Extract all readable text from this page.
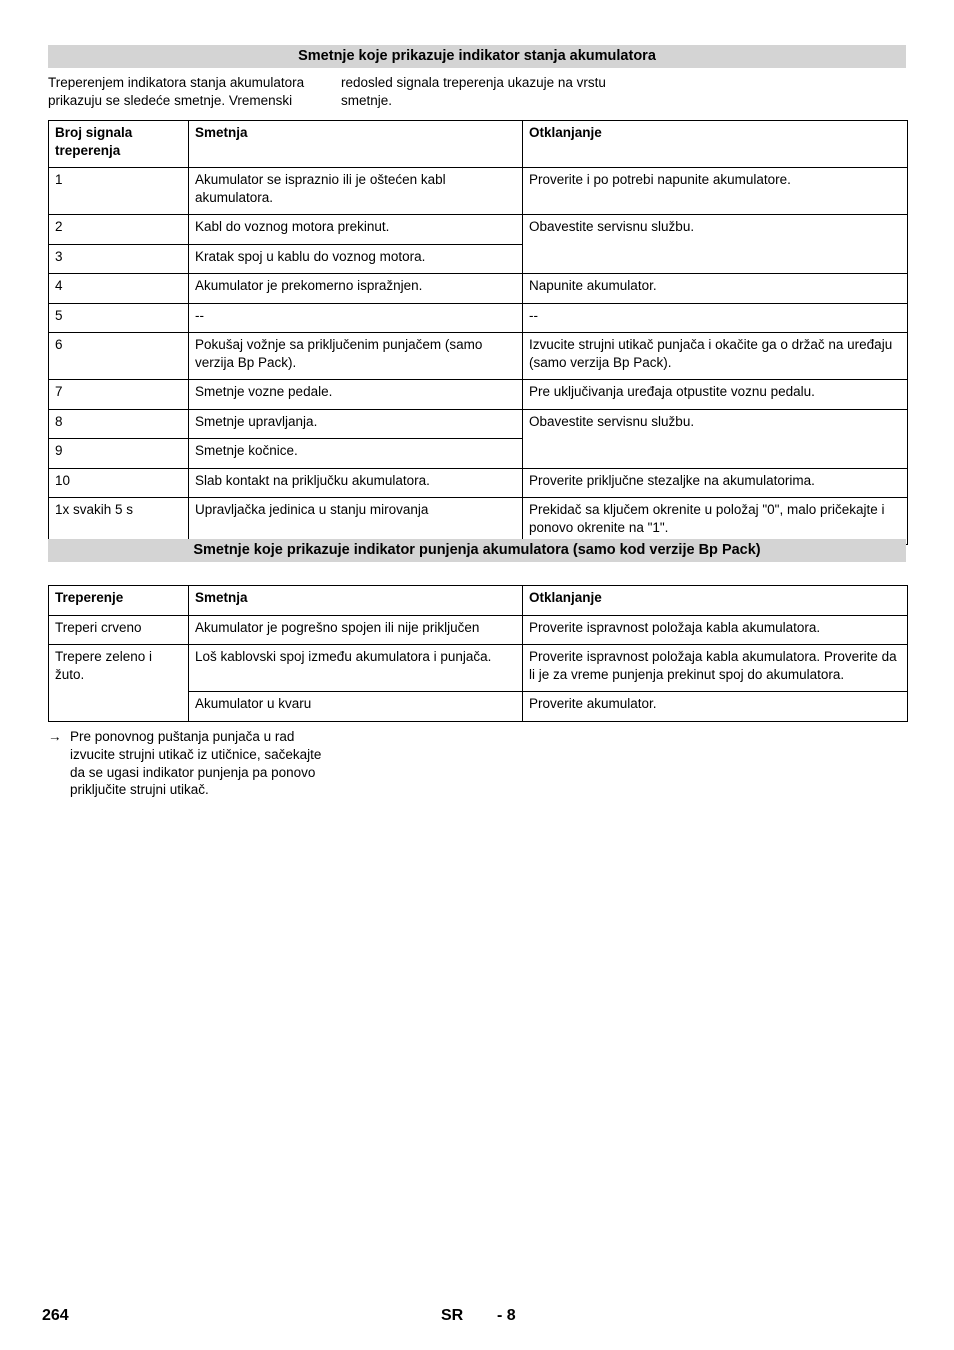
Smetnje koje prikazuje indikator stanja akumulatora
Treperenjem indikatora stanja akumulatora prikazuju se sledeće smetnje. Vremenski
redosled signala treperenja ukazuje na vrstu smetnje.
Broj signala treperenja	Smetnja	Otklanjanje
1	Akumulator se ispraznio ili je oštećen kabl akumulatora.	Proverite i po potrebi napunite akumulatore.
2	Kabl do voznog motora prekinut.	Obavestite servisnu službu.
3	Kratak spoj u kablu do voznog motora.	
4	Akumulator je prekomerno ispražnjen.	Napunite akumulator.
5	--	--
6	Pokušaj vožnje sa priključenim punjačem (samo verzija Bp Pack).	Izvucite strujni utikač punjača i okačite ga o držač na uređaju (samo verzija Bp Pack).
7	Smetnje vozne pedale.	Pre uključivanja uređaja otpustite voznu pedalu.
8	Smetnje upravljanja.	Obavestite servisnu službu.
9	Smetnje kočnice.	
10	Slab kontakt na priključku akumulatora.	Proverite priključne stezaljke na akumulatorima.
1x svakih 5 s	Upravljačka jedinica u stanju mirovanja	Prekidač sa ključem okrenite u položaj "0", malo pričekajte i ponovo okrenite na "1".
Smetnje koje prikazuje indikator punjenja akumulatora (samo kod verzije Bp Pack)
Treperenje	Smetnja	Otklanjanje
Treperi crveno	Akumulator je pogrešno spojen ili nije priključen	Proverite ispravnost položaja kabla akumulatora.
Trepere zeleno i žuto.	Loš kablovski spoj između akumulatora i punjača.	Proverite ispravnost položaja kabla akumulatora. Proverite da li je za vreme punjenja prekinut spoj do akumulatora.
	Akumulator u kvaru	Proverite akumulator.
→ Pre ponovnog puštanja punjača u rad izvucite strujni utikač iz utičnice, sačekajte da se ugasi indikator punjenja pa ponovo priključite strujni utikač.
264	SR - 8
